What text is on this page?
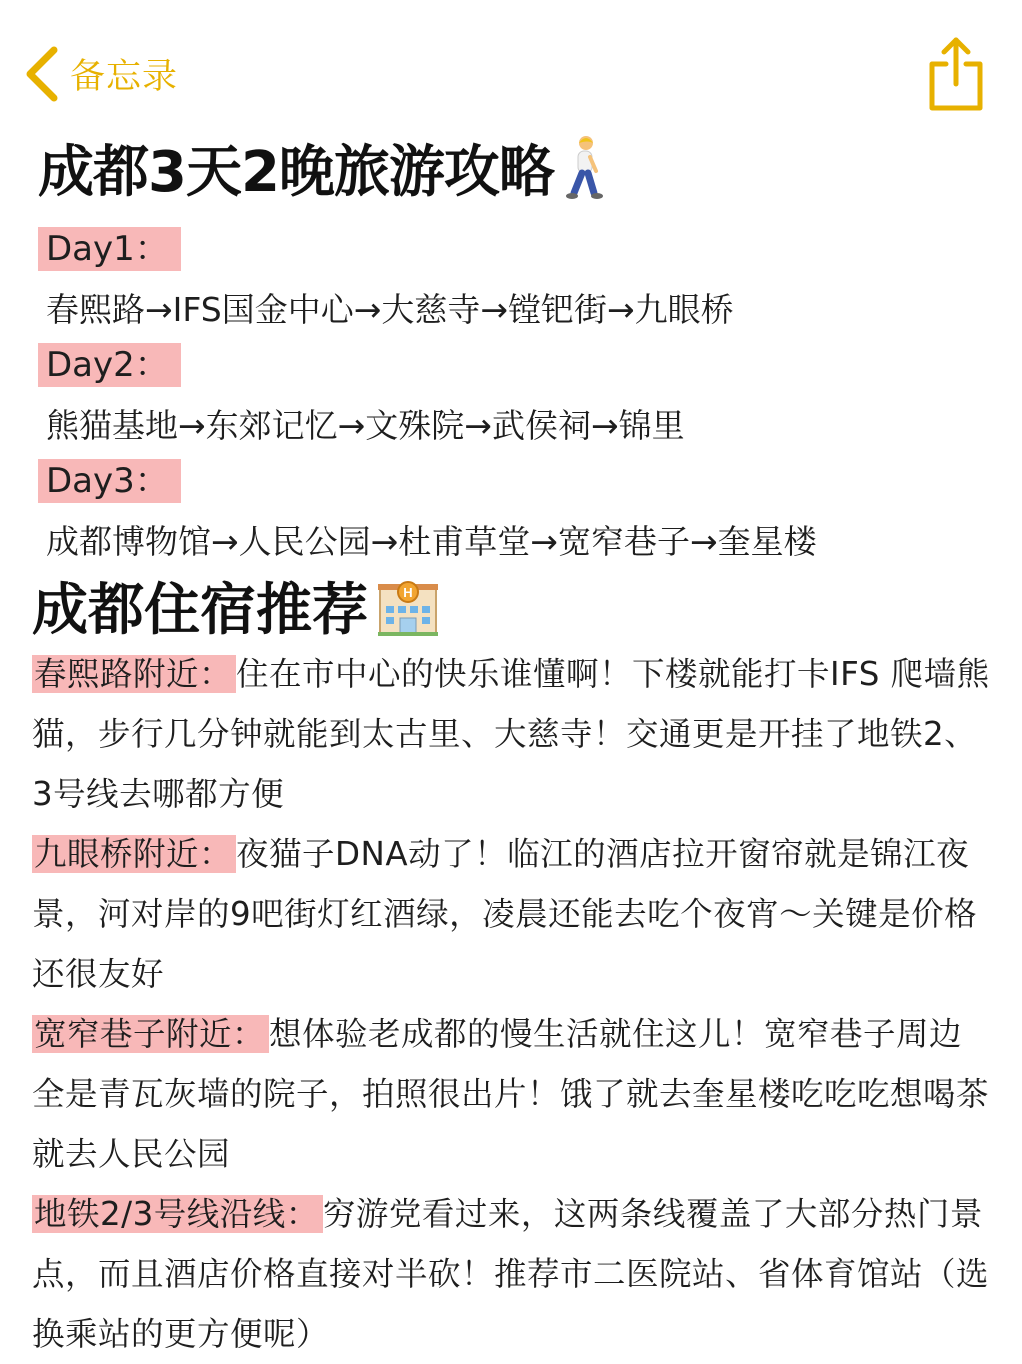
备忘录
成都3天2晚旅游攻略
Day1：
春熙路→IFS国金中心→大慈寺→镗钯街→九眼桥
Day2：
熊猫基地→东郊记忆→文殊院→武侯祠→锦里
Day3：
成都博物馆→人民公园→杜甫草堂→宽窄巷子→奎星楼
成都住宿推荐	H
春熙路附近： 住在市中心的快乐谁懂啊！下楼就能打卡IFS 爬墙熊猫，步行几分钟就能到太古里、大慈寺！交通更是开挂了地铁2、3号线去哪都方便
九眼桥附近： 夜猫子DNA动了！临江的酒店拉开窗帘就是锦江夜景，河对岸的9吧街灯红酒绿，凌晨还能去吃个夜宵～关键是价格还很友好
宽窄巷子附近： 想体验老成都的慢生活就住这儿！宽窄巷子周边全是青瓦灰墙的院子，拍照很出片！饿了就去奎星楼吃吃吃想喝茶就去人民公园
地铁2/3号线沿线： 穷游党看过来，这两条线覆盖了大部分热门景点，而且酒店价格直接对半砍！推荐市二医院站、省体育馆站（选换乘站的更方便呢）
